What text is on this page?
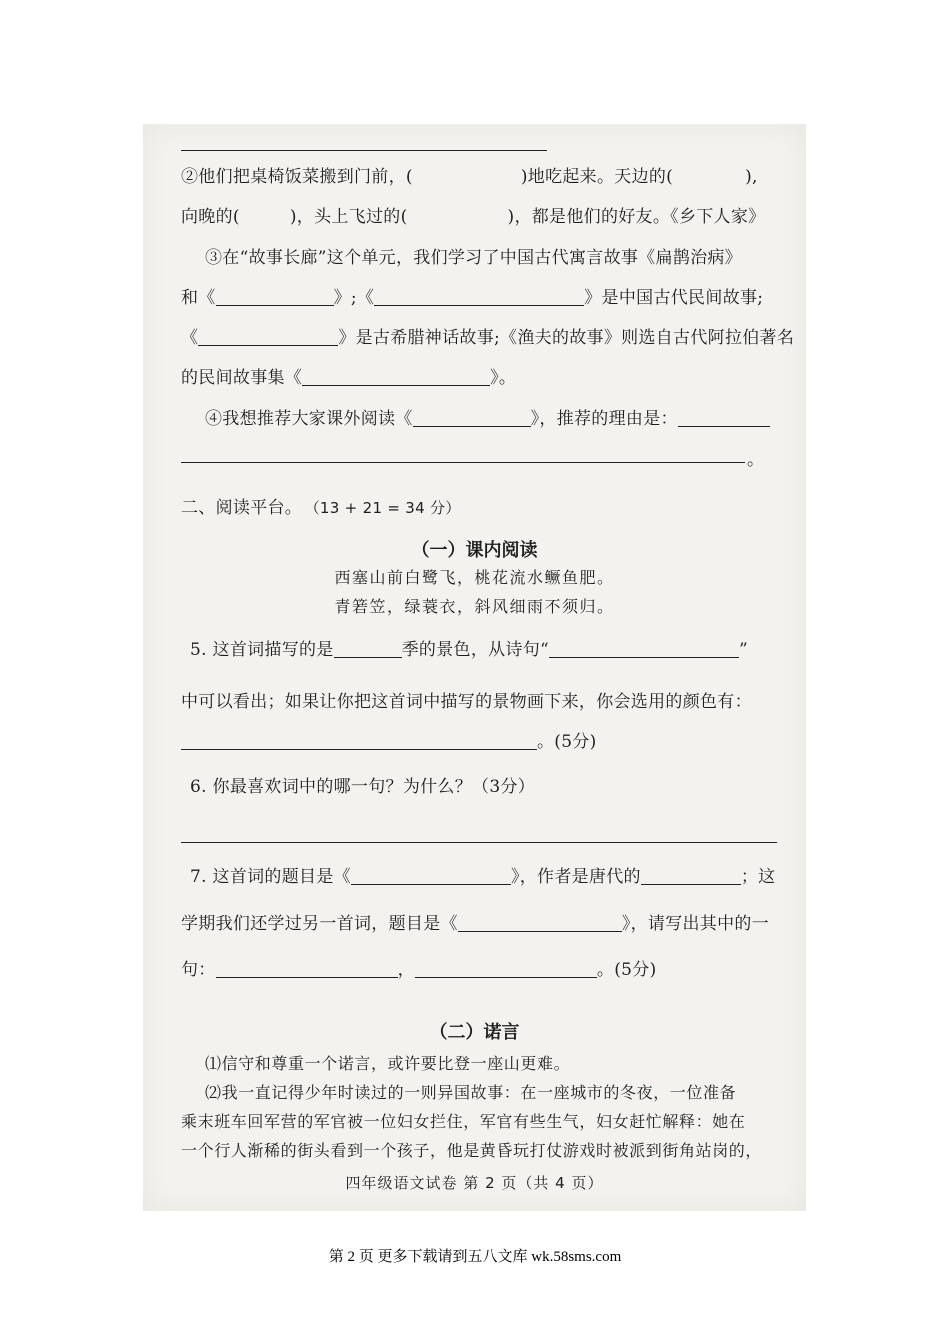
②他们把桌椅饭菜搬到门前，(	)地吃起来。天边的(	),
向晚的(	)，头上飞过的(	)，都是他们的好友。《乡下人家》
③在“故事长廊”这个单元，我们学习了中国古代寓言故事《扁鹊治病》
和《	》;《	》是中国古代民间故事;
《	》是古希腊神话故事;《渔夫的故事》则选自古代阿拉伯著名
的民间故事集《	》。
④我想推荐大家课外阅读《	》，推荐的理由是：
。
二、阅读平台。 （13 + 21 = 34 分）
（一）课内阅读
西塞山前白鹭飞，桃花流水鳜鱼肥。
青箬笠，绿蓑衣，斜风细雨不须归。
5. 这首词描写的是	季的景色，从诗句“	”
中可以看出；如果让你把这首词中描写的景物画下来，你会选用的颜色有：
。(5分)
6. 你最喜欢词中的哪一句？为什么？（3分）
7. 这首词的题目是《	》，作者是唐代的	；这
学期我们还学过另一首词，题目是《	》，请写出其中的一
句：	，	。(5分)
（二）诺言
⑴信守和尊重一个诺言，或许要比登一座山更难。
⑵我一直记得少年时读过的一则异国故事：在一座城市的冬夜，一位准备
乘末班车回军营的军官被一位妇女拦住，军官有些生气，妇女赶忙解释：她在
一个行人渐稀的街头看到一个孩子，他是黄昏玩打仗游戏时被派到街角站岗的，
四年级语文试卷 第 2 页（共 4 页）
第 2 页 更多下载请到五八文库 wk.58sms.com
